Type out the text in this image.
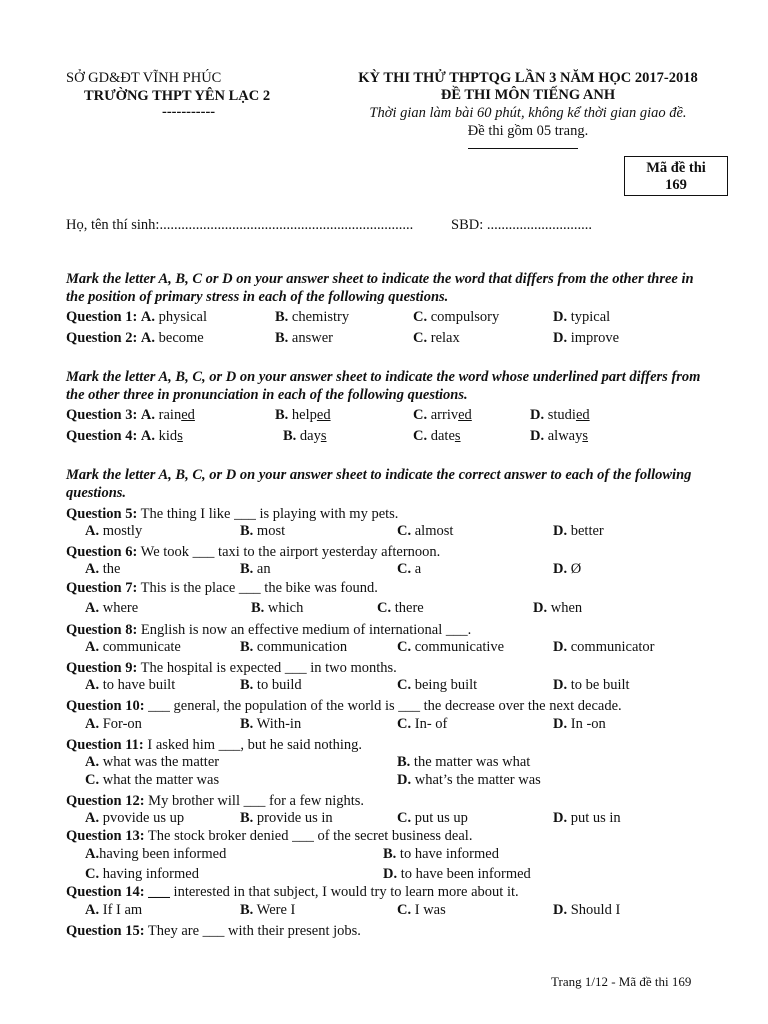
SỞ GD&ĐT VĨNH PHÚC
TRƯỜNG THPT YÊN LẠC 2
-----------
KỲ THI THỬ THPTQG LẦN 3 NĂM HỌC 2017-2018
ĐỀ THI MÔN TIẾNG ANH
Thời gian làm bài 60 phút, không kể thời gian giao đề.
Đề thi gồm 05 trang.
Mã đề thi
169
Họ, tên thí sinh:......................................................................	SBD: .............................
Mark the letter A, B, C or D on your answer sheet to indicate the word that differs from the other three in the position of primary stress in each of the following questions.
Question 1: A. physical	B. chemistry	C. compulsory	D. typical
Question 2: A. become	B. answer	C. relax	D. improve
Mark the letter A, B, C, or D on your answer sheet to indicate the word whose underlined part differs from the other three in pronunciation in each of the following questions.
Question 3: A. rained	B. helped	C. arrived	D. studied
Question 4: A. kids	B. days	C. dates	D. always
Mark the letter A, B, C, or D on your answer sheet to indicate the correct answer to each of the following questions.
Question 5: The thing I like ___ is playing with my pets.
A. mostly	B. most	C. almost	D. better
Question 6: We took ___ taxi to the airport yesterday afternoon.
A. the	B. an	C. a	D. Ø
Question 7: This is the place ___ the bike was found.
A. where	B. which	C. there	D. when
Question 8: English is now an effective medium of international ___.
A. communicate	B. communication	C. communicative	D. communicator
Question 9: The hospital is expected ___ in two months.
A. to have built	B. to build	C. being built	D. to be built
Question 10: ___ general, the population of the world is ___ the decrease over the next decade.
A. For-on	B. With-in	C. In- of	D. In -on
Question 11: I asked him ___, but he said nothing.
A. what was the matter	B. the matter was what
C. what the matter was	D. what’s the matter was
Question 12: My brother will ___ for a few nights.
A. pvovide us up	B. provide us in	C. put us up	D. put us in
Question 13: The stock broker denied ___ of the secret business deal.
A.having been informed	B. to have informed
C. having informed	D. to have been informed
Question 14: ___ interested in that subject, I would try to learn more about it.
A. If I am	B. Were I	C. I was	D. Should I
Question 15: They are ___ with their present jobs.
Trang 1/12 - Mã đề thi 169
